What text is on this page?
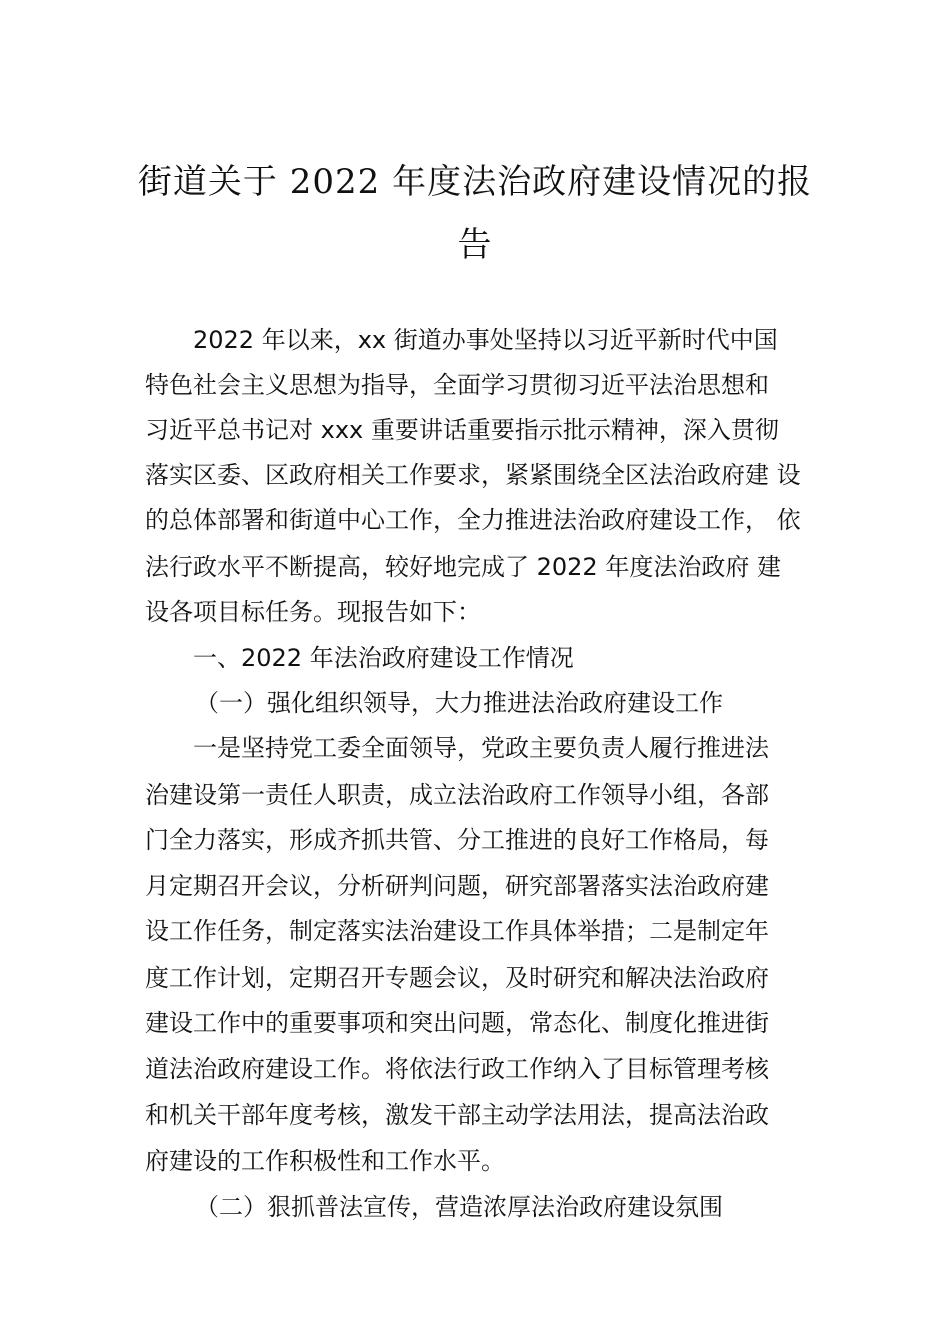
街道关于 2022 年度法治政府建设情况的报
告
2022 年以来，xx 街道办事处坚持以习近平新时代中国
特色社会主义思想为指导，全面学习贯彻习近平法治思想和
习近平总书记对 xxx 重要讲话重要指示批示精神，深入贯彻
落实区委、区政府相关工作要求，紧紧围绕全区法治政府建 设
的总体部署和街道中心工作，全力推进法治政府建设工作， 依
法行政水平不断提高，较好地完成了 2022 年度法治政府 建
设各项目标任务。现报告如下：
一、2022 年法治政府建设工作情况
（一）强化组织领导，大力推进法治政府建设工作
一是坚持党工委全面领导，党政主要负责人履行推进法
治建设第一责任人职责，成立法治政府工作领导小组，各部
门全力落实，形成齐抓共管、分工推进的良好工作格局，每
月定期召开会议，分析研判问题，研究部署落实法治政府建
设工作任务，制定落实法治建设工作具体举措；二是制定年
度工作计划，定期召开专题会议，及时研究和解决法治政府
建设工作中的重要事项和突出问题，常态化、制度化推进街
道法治政府建设工作。将依法行政工作纳入了目标管理考核
和机关干部年度考核，激发干部主动学法用法，提高法治政
府建设的工作积极性和工作水平。
（二）狠抓普法宣传，营造浓厚法治政府建设氛围
